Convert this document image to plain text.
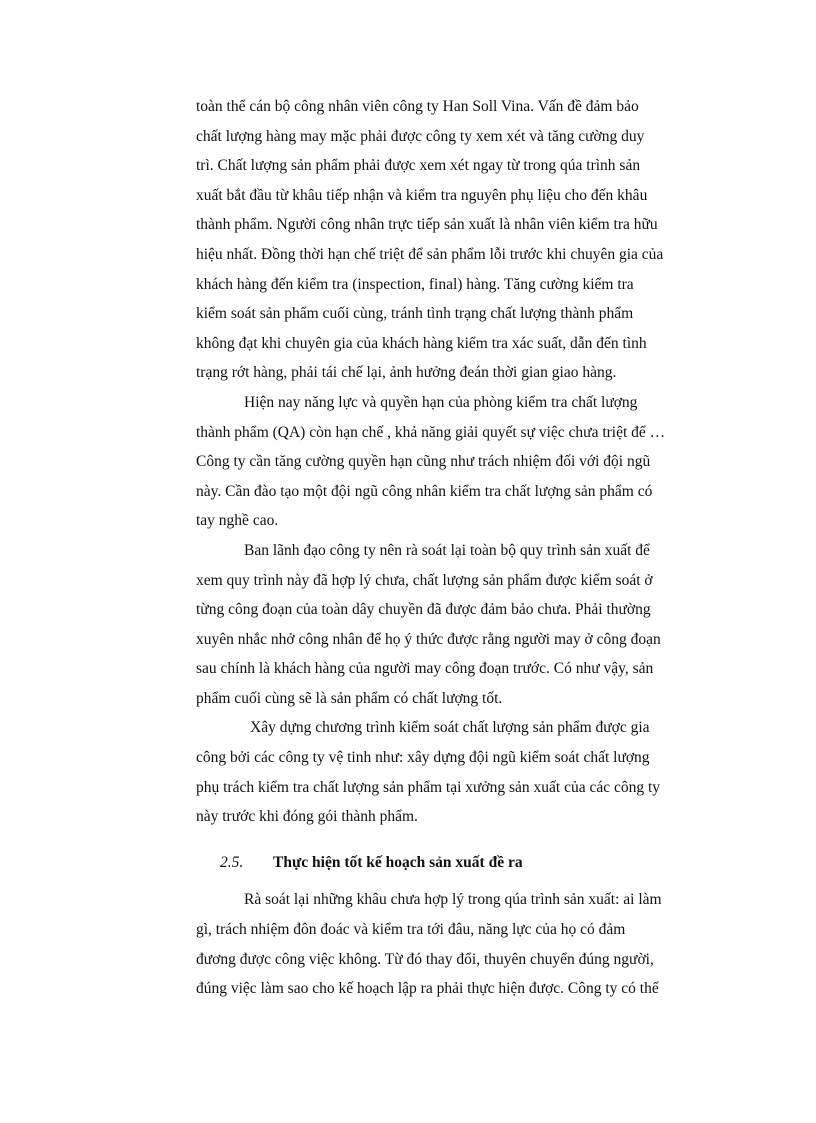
toàn thể cán bộ công nhân viên công ty Han Soll Vina. Vấn đề đảm bảo
chất lượng hàng may mặc phải được công ty xem xét và tăng cường duy
trì. Chất lượng sản phẩm phải được xem xét ngay từ trong qúa trình sản
xuất bắt đầu từ khâu tiếp nhận và kiểm tra nguyên phụ liệu cho đến khâu
thành phẩm. Người công nhân trực tiếp sản xuất là nhân viên kiểm tra hữu
hiệu nhất. Đồng thời hạn chế triệt để sản phẩm lỗi trước khi chuyên gia của
khách hàng đến kiểm tra (inspection, final) hàng. Tăng cường kiểm tra
kiểm soát sản phẩm cuối cùng, tránh tình trạng chất lượng thành phẩm
không đạt khi chuyên gia của khách hàng kiểm tra xác suất, dẫn đến tình
trạng rớt hàng, phải tái chế lại, ảnh hưởng đeán thời gian giao hàng.

Hiện nay năng lực và quyền hạn của phòng kiểm tra chất lượng
thành phẩm (QA) còn hạn chế , khả năng giải quyết sự việc chưa triệt để …
Công ty cần tăng cường quyền hạn cũng như trách nhiệm đối với đội ngũ
này. Cần đào tạo một đội ngũ công nhân kiểm tra chất lượng sản phẩm có
tay nghề cao.

Ban lãnh đạo công ty nên rà soát lại toàn bộ quy trình sản xuất để
xem quy trình này đã hợp lý chưa, chất lượng sản phẩm được kiểm soát ở
từng công đoạn của toàn dây chuyền đã được đảm bảo chưa. Phải thường
xuyên nhắc nhở công nhân để họ ý thức được rằng người may ở công đoạn
sau chính là khách hàng của người may công đoạn trước. Có như vậy, sản
phẩm cuối cùng sẽ là sản phẩm có chất lượng tốt.

Xây dựng chương trình kiểm soát chất lượng sản phẩm được gia
công bởi các công ty vệ tinh như: xây dựng đội ngũ kiểm soát chất lượng
phụ trách kiểm tra chất lượng sản phẩm tại xưởng sản xuất của các công ty
này trước khi đóng gói thành phẩm.

2.5.	Thực hiện tốt kế hoạch sản xuất đề ra

Rà soát lại những khâu chưa hợp lý trong qúa trình sản xuất: ai làm
gì, trách nhiệm đôn đoác và kiểm tra tới đâu, năng lực của họ có đảm
đương được công việc không. Từ đó thay đổi, thuyên chuyển đúng người,
đúng việc làm sao cho kế hoạch lập ra phải thực hiện được. Công ty có thể
